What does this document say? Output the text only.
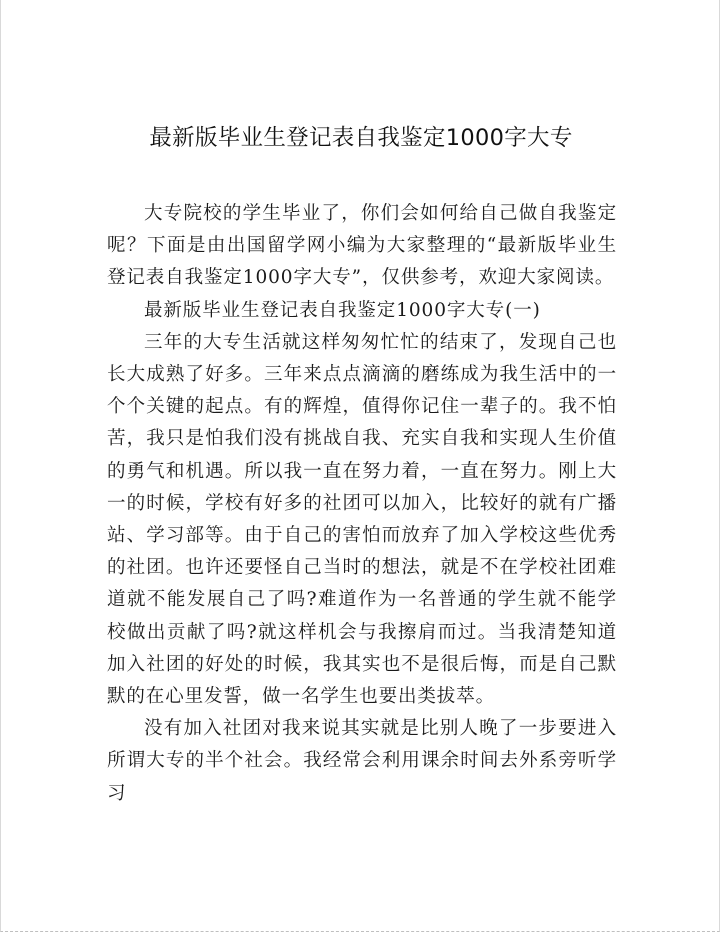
最新版毕业生登记表自我鉴定1000字大专

大专院校的学生毕业了，你们会如何给自己做自我鉴定呢？下面是由出国留学网小编为大家整理的“最新版毕业生登记表自我鉴定1000字大专”，仅供参考，欢迎大家阅读。

最新版毕业生登记表自我鉴定1000字大专(一)

三年的大专生活就这样匆匆忙忙的结束了，发现自己也长大成熟了好多。三年来点点滴滴的磨练成为我生活中的一个个关键的起点。有的辉煌，值得你记住一辈子的。我不怕苦，我只是怕我们没有挑战自我、充实自我和实现人生价值的勇气和机遇。所以我一直在努力着，一直在努力。刚上大一的时候，学校有好多的社团可以加入，比较好的就有广播站、学习部等。由于自己的害怕而放弃了加入学校这些优秀的社团。也许还要怪自己当时的想法，就是不在学校社团难道就不能发展自己了吗?难道作为一名普通的学生就不能学校做出贡献了吗?就这样机会与我擦肩而过。当我清楚知道加入社团的好处的时候，我其实也不是很后悔，而是自己默默的在心里发誓，做一名学生也要出类拔萃。

没有加入社团对我来说其实就是比别人晚了一步要进入所谓大专的半个社会。我经常会利用课余时间去外系旁听学习
